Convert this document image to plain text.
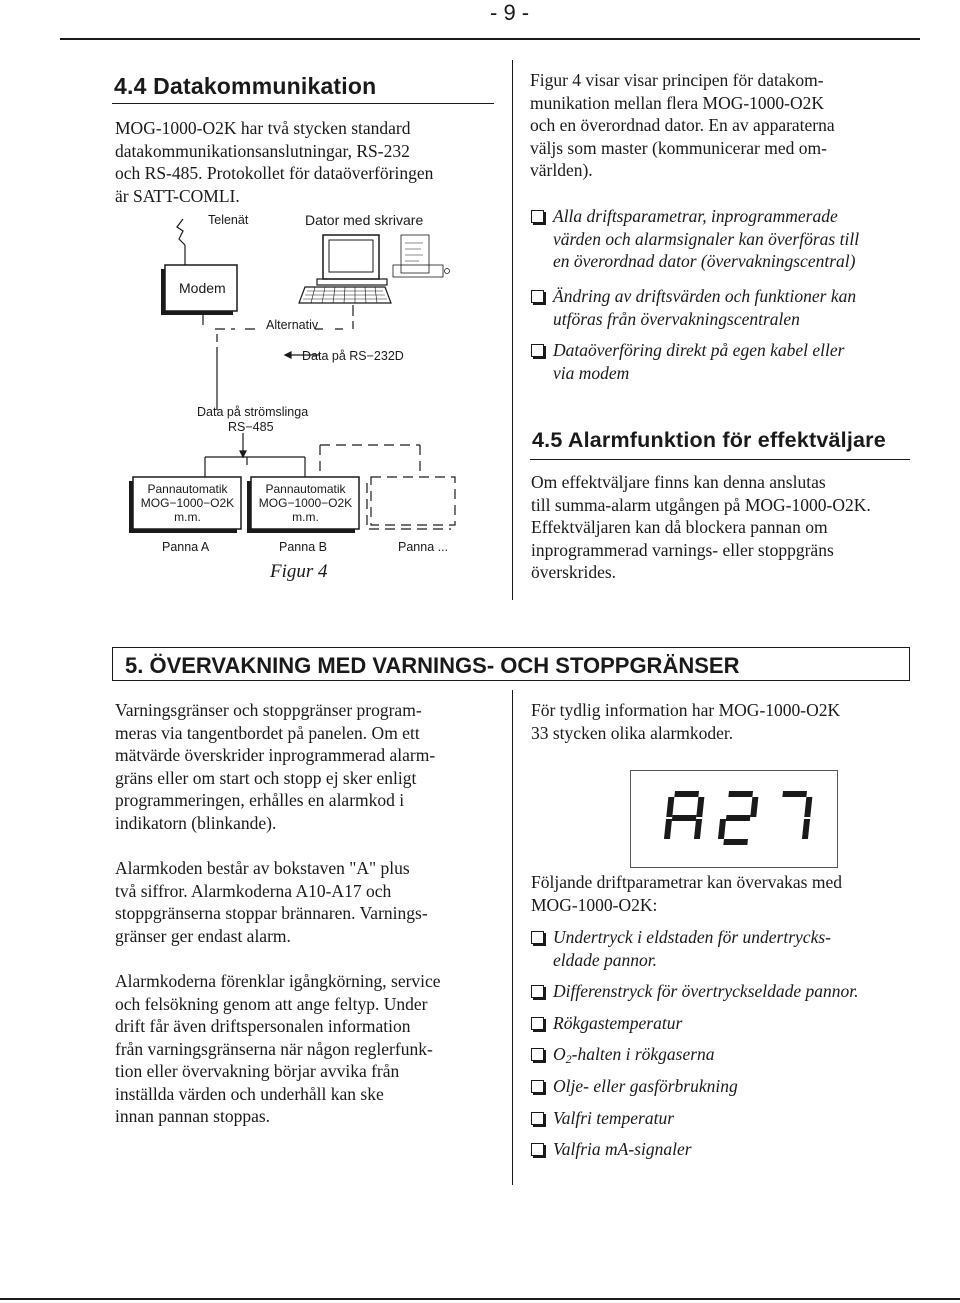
- 9 -
4.4 Datakommunikation
MOG-1000-O2K har två stycken standard
datakommunikationsanslutningar, RS-232
och RS-485. Protokollet för dataöverföringen
är SATT-COMLI.
Telenät	Dator med skrivare
Modem
Alternativ
Data på RS−232D
Data på strömslinga
RS−485
Pannautomatik
MOG−1000−O2K
m.m.
Pannautomatik
MOG−1000−O2K
m.m.
Panna A	Panna B	Panna ...
Figur 4
Figur 4 visar visar principen för datakom-
munikation mellan flera MOG-1000-O2K
och en överordnad dator. En av apparaterna
väljs som master (kommunicerar med om-
världen).
Alla driftsparametrar, inprogrammerade
värden och alarmsignaler kan överföras till
en överordnad dator (övervakningscentral)
Ändring av driftsvärden och funktioner kan
utföras från övervakningscentralen
Dataöverföring direkt på egen kabel eller
via modem
4.5 Alarmfunktion för effektväljare
Om effektväljare finns kan denna anslutas
till summa-alarm utgången på MOG-1000-O2K.
Effektväljaren kan då blockera pannan om
inprogrammerad varnings- eller stoppgräns
överskrides.
5. ÖVERVAKNING MED VARNINGS- OCH STOPPGRÄNSER
Varningsgränser och stoppgränser program-
meras via tangentbordet på panelen. Om ett
mätvärde överskrider inprogrammerad alarm-
gräns eller om start och stopp ej sker enligt
programmeringen, erhålles en alarmkod i
indikatorn (blinkande).
Alarmkoden består av bokstaven "A" plus
två siffror. Alarmkoderna A10-A17 och
stoppgränserna stoppar brännaren. Varnings-
gränser ger endast alarm.
Alarmkoderna förenklar igångkörning, service
och felsökning genom att ange feltyp. Under
drift får även driftspersonalen information
från varningsgränserna när någon reglerfunk-
tion eller övervakning börjar avvika från
inställda värden och underhåll kan ske
innan pannan stoppas.
För tydlig information har MOG-1000-O2K
33 stycken olika alarmkoder.
Följande driftparametrar kan övervakas med
MOG-1000-O2K:
Undertryck i eldstaden för undertrycks-
eldade pannor.
Differenstryck för övertryckseldade pannor.
Rökgastemperatur
$O_2$-halten i rökgaserna
Olje- eller gasförbrukning
Valfri temperatur
Valfria mA-signaler
